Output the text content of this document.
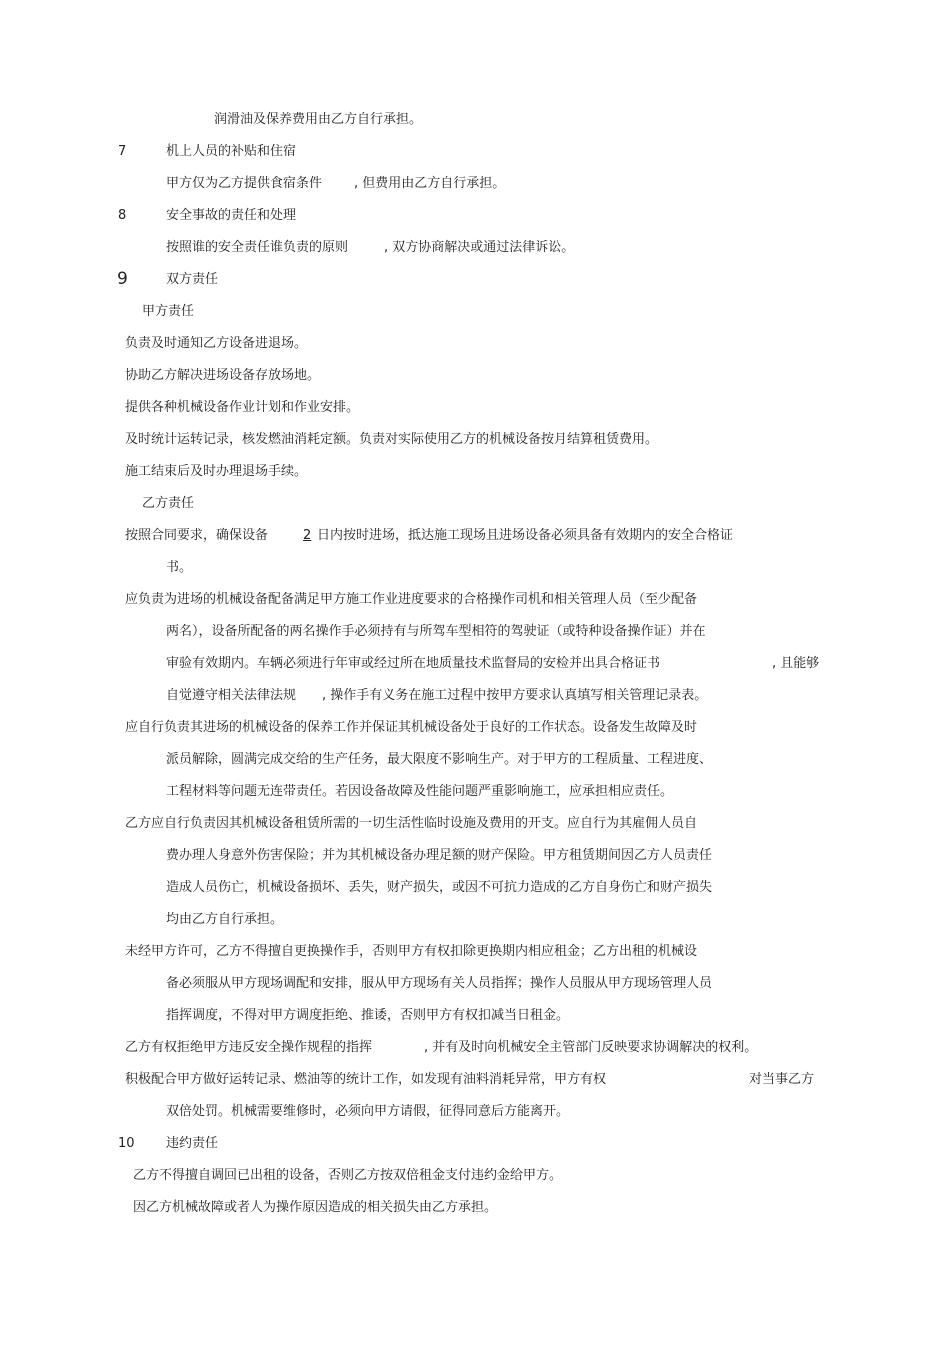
润滑油及保养费用由乙方自行承担。
7	机上人员的补贴和住宿
甲方仅为乙方提供食宿条件 , 但费用由乙方自行承担。
8	安全事故的责任和处理
按照谁的安全责任谁负责的原则	, 双方协商解决或通过法律诉讼。
9	双方责任
甲方责任
负责及时通知乙方设备进退场。
协助乙方解决进场设备存放场地。
提供各种机械设备作业计划和作业安排。
及时统计运转记录，核发燃油消耗定额。负责对实际使用乙方的机械设备按月结算租赁费用。
施工结束后及时办理退场手续。
乙方责任
按照合同要求，确保设备	2 日内按时进场，抵达施工现场且进场设备必须具备有效期内的安全合格证
书。
应负责为进场的机械设备配备满足甲方施工作业进度要求的合格操作司机和相关管理人员（至少配备
两名），设备所配备的两名操作手必须持有与所驾车型相符的驾驶证（或特种设备操作证）并在
审验有效期内。车辆必须进行年审或经过所在地质量技术监督局的安检并出具合格证书	, 且能够
自觉遵守相关法律法规 , 操作手有义务在施工过程中按甲方要求认真填写相关管理记录表。
应自行负责其进场的机械设备的保养工作并保证其机械设备处于良好的工作状态。设备发生故障及时
派员解除，圆满完成交给的生产任务，最大限度不影响生产。对于甲方的工程质量、工程进度、
工程材料等问题无连带责任。若因设备故障及性能问题严重影响施工，应承担相应责任。
乙方应自行负责因其机械设备租赁所需的一切生活性临时设施及费用的开支。应自行为其雇佣人员自
费办理人身意外伤害保险；并为其机械设备办理足额的财产保险。甲方租赁期间因乙方人员责任
造成人员伤亡，机械设备损坏、丢失，财产损失，或因不可抗力造成的乙方自身伤亡和财产损失
均由乙方自行承担。
未经甲方许可，乙方不得擅自更换操作手，否则甲方有权扣除更换期内相应租金；乙方出租的机械设
备必须服从甲方现场调配和安排，服从甲方现场有关人员指挥；操作人员服从甲方现场管理人员
指挥调度，不得对甲方调度拒绝、推诿，否则甲方有权扣减当日租金。
乙方有权拒绝甲方违反安全操作规程的指挥	, 并有及时向机械安全主管部门反映要求协调解决的权利。
积极配合甲方做好运转记录、燃油等的统计工作，如发现有油料消耗异常，甲方有权	对当事乙方
双倍处罚。机械需要维修时，必须向甲方请假，征得同意后方能离开。
10 违约责任
乙方不得擅自调回已出租的设备，否则乙方按双倍租金支付违约金给甲方。
因乙方机械故障或者人为操作原因造成的相关损失由乙方承担。
